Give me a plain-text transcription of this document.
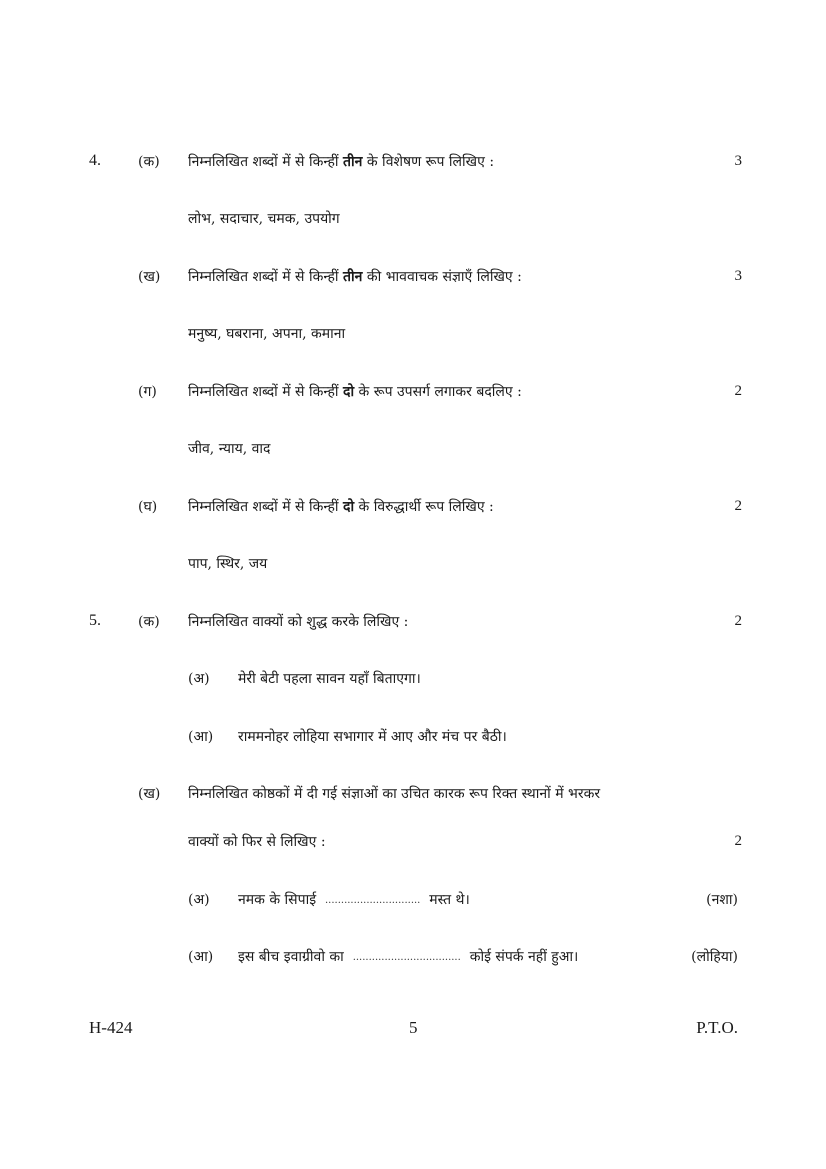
4.	(क) निम्नलिखित शब्दों में से किन्हीं तीन के विशेषण रूप लिखिए :	3
लोभ, सदाचार, चमक, उपयोग
(ख) निम्नलिखित शब्दों में से किन्हीं तीन की भाववाचक संज्ञाएँ लिखिए :	3
मनुष्य, घबराना, अपना, कमाना
(ग) निम्नलिखित शब्दों में से किन्हीं दो के रूप उपसर्ग लगाकर बदलिए :	2
जीव, न्याय, वाद
(घ) निम्नलिखित शब्दों में से किन्हीं दो के विरुद्धार्थी रूप लिखिए :	2
पाप, स्थिर, जय
5.	(क) निम्नलिखित वाक्यों को शुद्ध करके लिखिए :	2
(अ) मेरी बेटी पहला सावन यहाँ बिताएगा।
(आ) राममनोहर लोहिया सभागार में आए और मंच पर बैठी।
(ख) निम्नलिखित कोष्ठकों में दी गई संज्ञाओं का उचित कारक रूप रिक्त स्थानों में भरकर
वाक्यों को फिर से लिखिए :	2
(अ) नमक के सिपाई .............................. मस्त थे।	(नशा)
(आ) इस बीच इवाग्रीवो का .................................. कोई संपर्क नहीं हुआ।	(लोहिया)
H-424	5	P.T.O.
